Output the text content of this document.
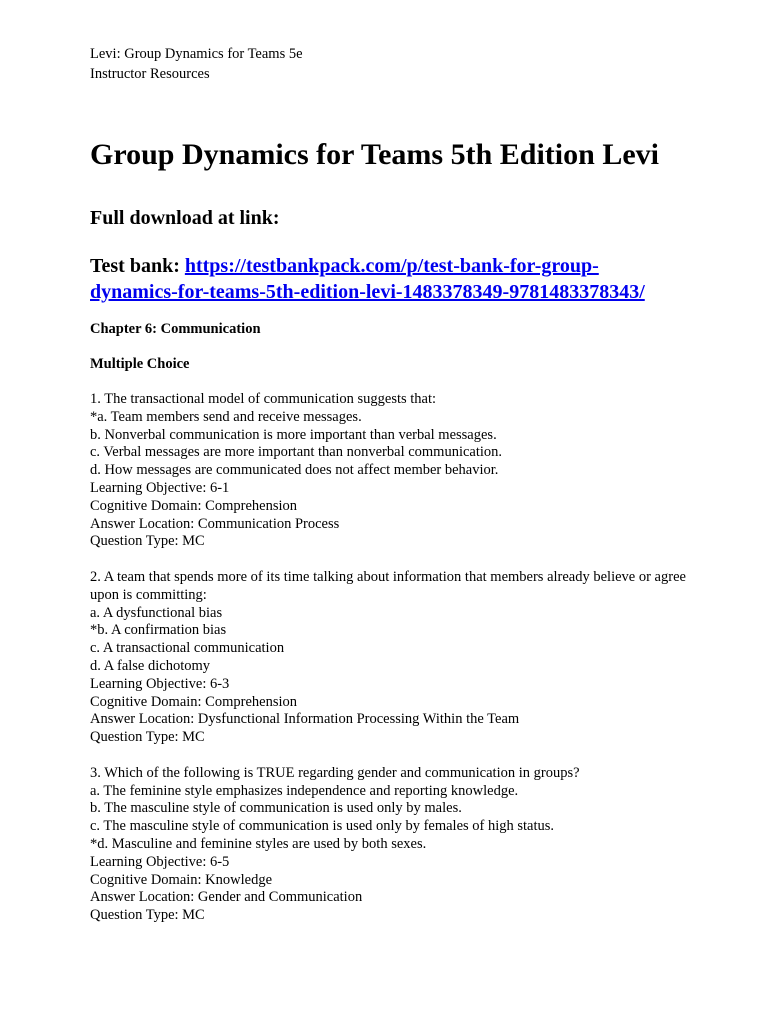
Levi: Group Dynamics for Teams 5e
Instructor Resources
Group Dynamics for Teams 5th Edition Levi
Full download at link:
Test bank: https://testbankpack.com/p/test-bank-for-group-
dynamics-for-teams-5th-edition-levi-1483378349-9781483378343/
Chapter 6: Communication
Multiple Choice
1. The transactional model of communication suggests that:
*a. Team members send and receive messages.
b. Nonverbal communication is more important than verbal messages.
c. Verbal messages are more important than nonverbal communication.
d. How messages are communicated does not affect member behavior.
Learning Objective: 6-1
Cognitive Domain: Comprehension
Answer Location: Communication Process
Question Type: MC
2. A team that spends more of its time talking about information that members already believe or agree upon is committing:
a. A dysfunctional bias
*b. A confirmation bias
c. A transactional communication
d. A false dichotomy
Learning Objective: 6-3
Cognitive Domain: Comprehension
Answer Location: Dysfunctional Information Processing Within the Team
Question Type: MC
3. Which of the following is TRUE regarding gender and communication in groups?
a. The feminine style emphasizes independence and reporting knowledge.
b. The masculine style of communication is used only by males.
c. The masculine style of communication is used only by females of high status.
*d. Masculine and feminine styles are used by both sexes.
Learning Objective: 6-5
Cognitive Domain: Knowledge
Answer Location: Gender and Communication
Question Type: MC
